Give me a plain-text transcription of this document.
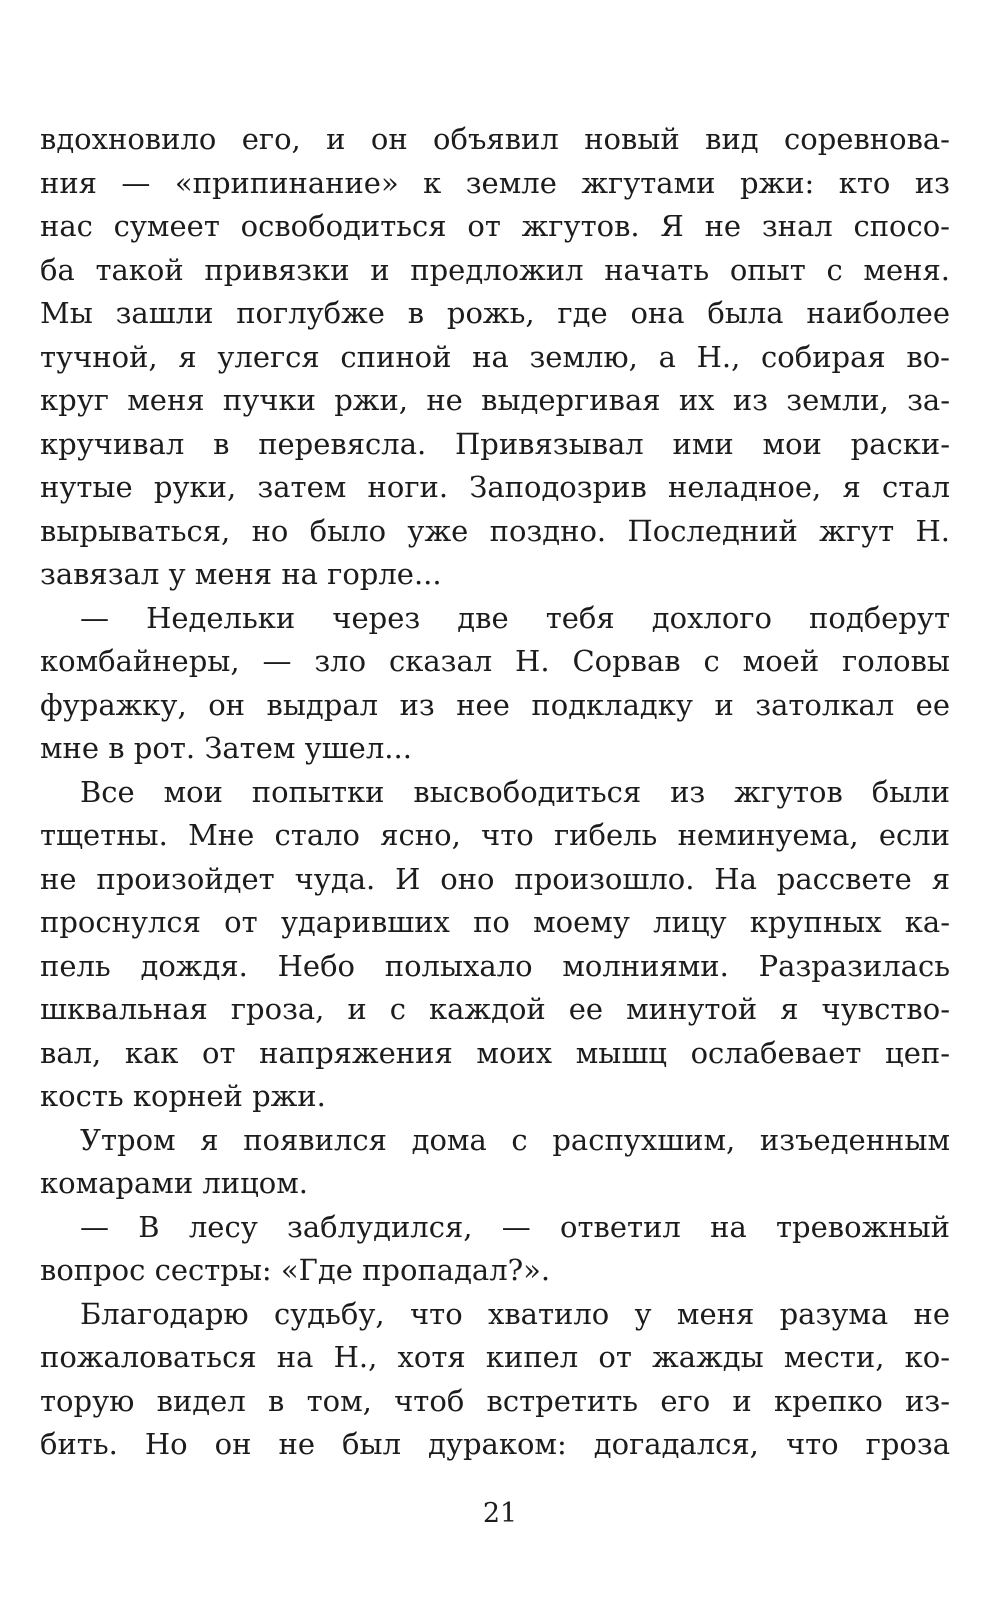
вдохновило его, и он объявил новый вид соревнова-
ния — «припинание» к земле жгутами ржи: кто из
нас сумеет освободиться от жгутов. Я не знал спосо-
ба такой привязки и предложил начать опыт с меня.
Мы зашли поглубже в рожь, где она была наиболее
тучной, я улегся спиной на землю, а Н., собирая во-
круг меня пучки ржи, не выдергивая их из земли, за-
кручивал в перевясла. Привязывал ими мои раски-
нутые руки, затем ноги. Заподозрив неладное, я стал
вырываться, но было уже поздно. Последний жгут Н.
завязал у меня на горле...
— Недельки через две тебя дохлого подберут
комбайнеры, — зло сказал Н. Сорвав с моей головы
фуражку, он выдрал из нее подкладку и затолкал ее
мне в рот. Затем ушел...
Все мои попытки высвободиться из жгутов были
тщетны. Мне стало ясно, что гибель неминуема, если
не произойдет чуда. И оно произошло. На рассвете я
проснулся от ударивших по моему лицу крупных ка-
пель дождя. Небо полыхало молниями. Разразилась
шквальная гроза, и с каждой ее минутой я чувство-
вал, как от напряжения моих мышц ослабевает цеп-
кость корней ржи.
Утром я появился дома с распухшим, изъеденным
комарами лицом.
— В лесу заблудился, — ответил на тревожный
вопрос сестры: «Где пропадал?».
Благодарю судьбу, что хватило у меня разума не
пожаловаться на Н., хотя кипел от жажды мести, ко-
торую видел в том, чтоб встретить его и крепко из-
бить. Но он не был дураком: догадался, что гроза
21
